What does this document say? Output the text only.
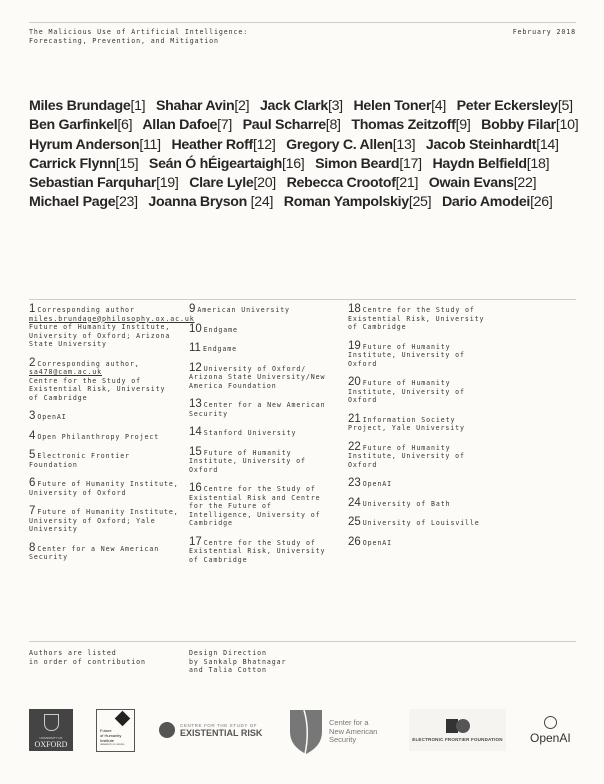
The Malicious Use of Artificial Intelligence:
Forecasting, Prevention, and Mitigation
February 2018
Miles Brundage[1] Shahar Avin[2] Jack Clark[3] Helen Toner[4] Peter Eckersley[5] Ben Garfinkel[6] Allan Dafoe[7] Paul Scharre[8] Thomas Zeitzoff[9] Bobby Filar[10] Hyrum Anderson[11] Heather Roff[12] Gregory C. Allen[13] Jacob Steinhardt[14] Carrick Flynn[15] Seán Ó hÉigeartaigh[16] Simon Beard[17] Haydn Belfield[18] Sebastian Farquhar[19] Clare Lyle[20] Rebecca Crootof[21] Owain Evans[22] Michael Page[23] Joanna Bryson [24] Roman Yampolskiy[25] Dario Amodei[26]
1 Corresponding author
miles.brundage@philosophy.ox.ac.uk
Future of Humanity Institute, University of Oxford; Arizona State University
2 Corresponding author,
sa478@cam.ac.uk
Centre for the Study of Existential Risk, University of Cambridge
3 OpenAI
4 Open Philanthropy Project
5 Electronic Frontier Foundation
6 Future of Humanity Institute, University of Oxford
7 Future of Humanity Institute, University of Oxford; Yale University
8 Center for a New American Security
9 American University
10 Endgame
11 Endgame
12 University of Oxford/ Arizona State University/New America Foundation
13 Center for a New American Security
14 Stanford University
15 Future of Humanity Institute, University of Oxford
16 Centre for the Study of Existential Risk and Centre for the Future of Intelligence, University of Cambridge
17 Centre for the Study of Existential Risk, University of Cambridge
18 Centre for the Study of Existential Risk, University of Cambridge
19 Future of Humanity Institute, University of Oxford
20 Future of Humanity Institute, University of Oxford
21 Information Society Project, Yale University
22 Future of Humanity Institute, University of Oxford
23 OpenAI
24 University of Bath
25 University of Louisville
26 OpenAI
Authors are listed
in order of contribution
Design Direction
by Sankalp Bhatnagar
and Talia Cotton
UNIVERSITY OF
OXFORD
Future
of Humanity
Institute
UNIVERSITY OF OXFORD
CENTRE FOR THE STUDY OF
EXISTENTIAL RISK
Center for a
New American
Security	ELECTRONIC FRONTIER FOUNDATION OpenAI
